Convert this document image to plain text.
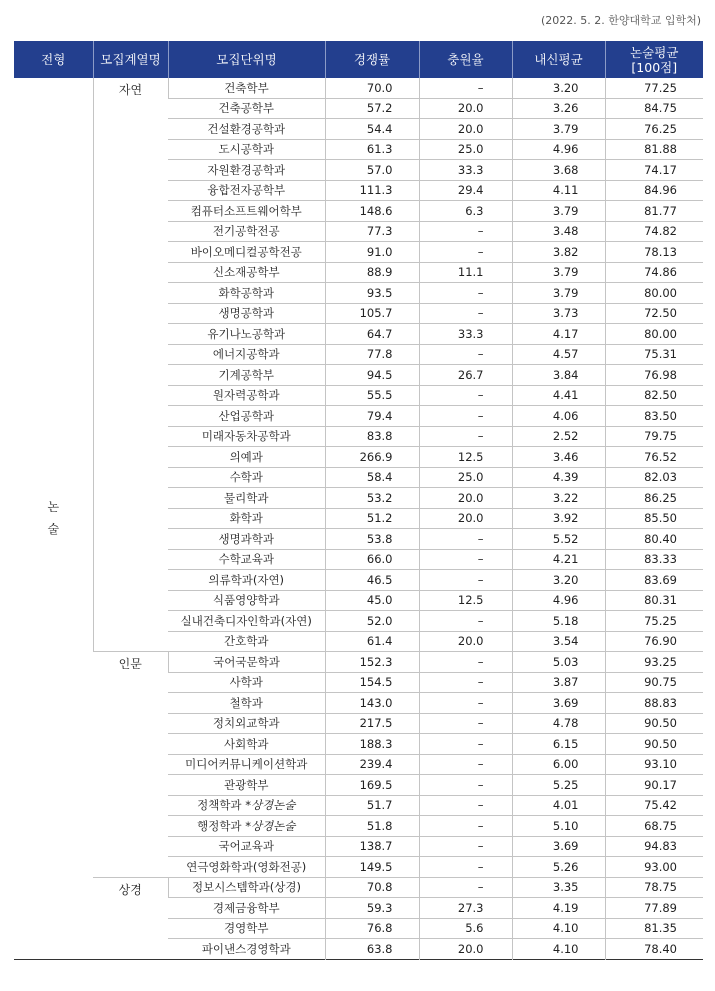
(2022. 5. 2. 한양대학교 입학처)
전형	모집계열명	모집단위명	경쟁률	충원율	내신평균	논술평균
[100점]
논
술	자연	건축학부	70.0	–	3.20	77.25
		건축공학부	57.2	20.0	3.26	84.75
		건설환경공학과	54.4	20.0	3.79	76.25
		도시공학과	61.3	25.0	4.96	81.88
		자원환경공학과	57.0	33.3	3.68	74.17
		융합전자공학부	111.3	29.4	4.11	84.96
		컴퓨터소프트웨어학부	148.6	6.3	3.79	81.77
		전기공학전공	77.3	–	3.48	74.82
		바이오메디컬공학전공	91.0	–	3.82	78.13
		신소재공학부	88.9	11.1	3.79	74.86
		화학공학과	93.5	–	3.79	80.00
		생명공학과	105.7	–	3.73	72.50
		유기나노공학과	64.7	33.3	4.17	80.00
		에너지공학과	77.8	–	4.57	75.31
		기계공학부	94.5	26.7	3.84	76.98
		원자력공학과	55.5	–	4.41	82.50
		산업공학과	79.4	–	4.06	83.50
		미래자동차공학과	83.8	–	2.52	79.75
		의예과	266.9	12.5	3.46	76.52
		수학과	58.4	25.0	4.39	82.03
		물리학과	53.2	20.0	3.22	86.25
		화학과	51.2	20.0	3.92	85.50
		생명과학과	53.8	–	5.52	80.40
		수학교육과	66.0	–	4.21	83.33
		의류학과(자연)	46.5	–	3.20	83.69
		식품영양학과	45.0	12.5	4.96	80.31
		실내건축디자인학과(자연)	52.0	–	5.18	75.25
		간호학과	61.4	20.0	3.54	76.90
	인문	국어국문학과	152.3	–	5.03	93.25
		사학과	154.5	–	3.87	90.75
		철학과	143.0	–	3.69	88.83
		정치외교학과	217.5	–	4.78	90.50
		사회학과	188.3	–	6.15	90.50
		미디어커뮤니케이션학과	239.4	–	6.00	93.10
		관광학부	169.5	–	5.25	90.17
		정책학과 *상경논술	51.7	–	4.01	75.42
		행정학과 *상경논술	51.8	–	5.10	68.75
		국어교육과	138.7	–	3.69	94.83
		연극영화학과(영화전공)	149.5	–	5.26	93.00
	상경	정보시스템학과(상경)	70.8	–	3.35	78.75
		경제금융학부	59.3	27.3	4.19	77.89
		경영학부	76.8	5.6	4.10	81.35
		파이낸스경영학과	63.8	20.0	4.10	78.40
